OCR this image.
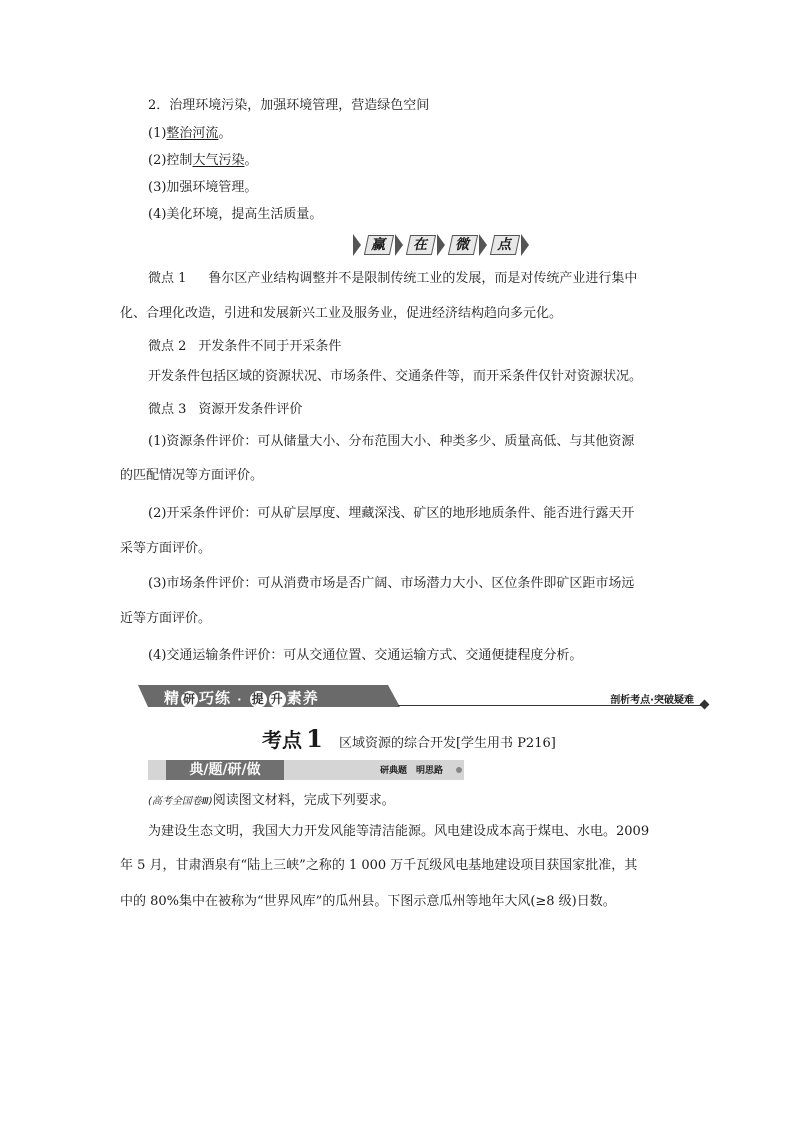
2．治理环境污染，加强环境管理，营造绿色空间
(1)整治河流。
(2)控制大气污染。
(3)加强环境管理。
(4)美化环境，提高生活质量。
赢	在	微	点
微点 1 鲁尔区产业结构调整并不是限制传统工业的发展，而是对传统产业进行集中
化、合理化改造，引进和发展新兴工业及服务业，促进经济结构趋向多元化。
微点 2 开发条件不同于开采条件
开发条件包括区域的资源状况、市场条件、交通条件等，而开采条件仅针对资源状况。
微点 3 资源开发条件评价
(1)资源条件评价：可从储量大小、分布范围大小、种类多少、质量高低、与其他资源
的匹配情况等方面评价。
(2)开采条件评价：可从矿层厚度、埋藏深浅、矿区的地形地质条件、能否进行露天开
采等方面评价。
(3)市场条件评价：可从消费市场是否广阔、市场潜力大小、区位条件即矿区距市场远
近等方面评价。
(4)交通运输条件评价：可从交通位置、交通运输方式、交通便捷程度分析。
精 研 巧练 · 提 升 素养	剖析考点·突破疑难
考点 1 区域资源的综合开发[学生用书 P216]
典/题/研/做	研典题　明思路
(高考全国卷Ⅲ)阅读图文材料，完成下列要求。
为建设生态文明，我国大力开发风能等清洁能源。风电建设成本高于煤电、水电。2009
年 5 月，甘肃酒泉有“陆上三峡”之称的 1 000 万千瓦级风电基地建设项目获国家批准，其
中的 80%集中在被称为“世界风库”的瓜州县。下图示意瓜州等地年大风(≥8 级)日数。
